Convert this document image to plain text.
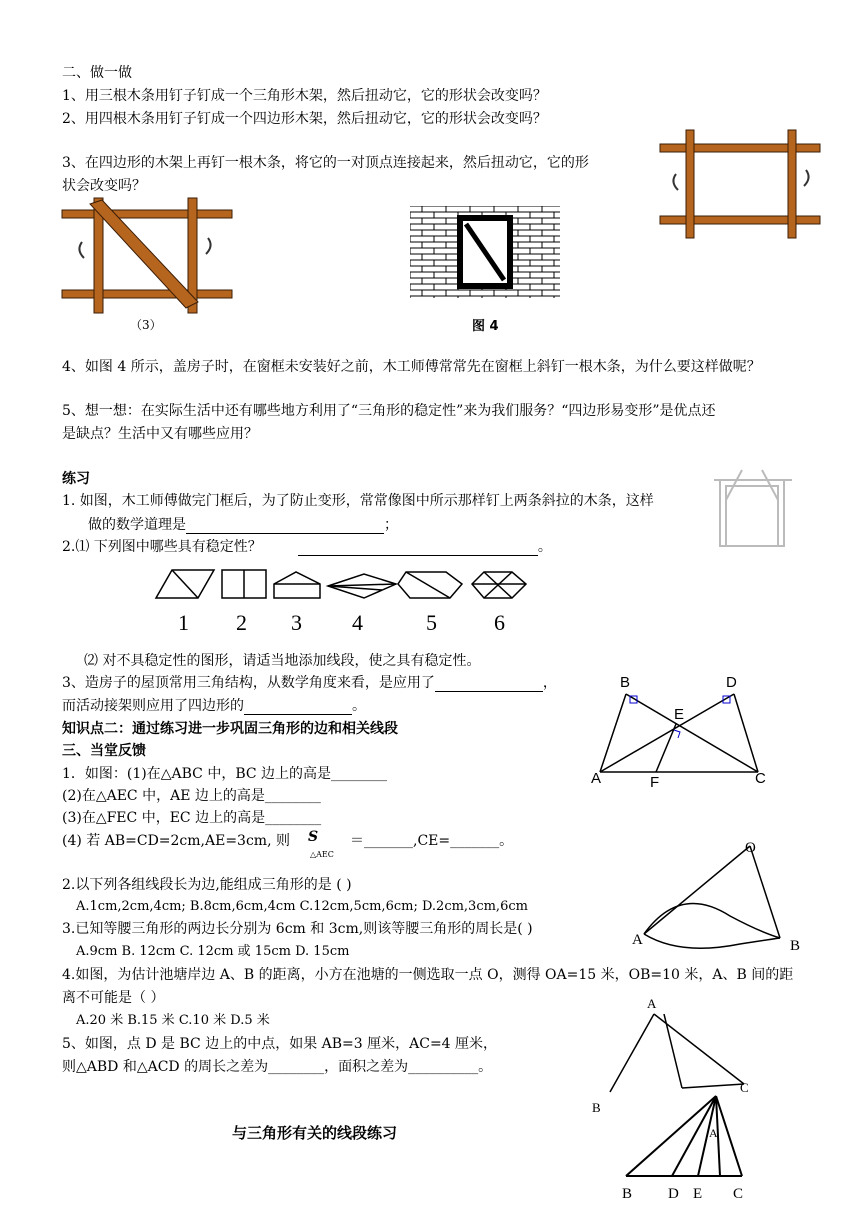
二、做一做
1、用三根木条用钉子钉成一个三角形木架，然后扭动它，它的形状会改变吗？
2、用四根木条用钉子钉成一个四边形木架，然后扭动它，它的形状会改变吗？
3、在四边形的木架上再钉一根木条，将它的一对顶点连接起来，然后扭动它，它的形
状会改变吗？
（3）	图 4
4、如图 4 所示，盖房子时，在窗框未安装好之前，木工师傅常常先在窗框上斜钉一根木条，为什么要这样做呢？
5、想一想：在实际生活中还有哪些地方利用了“三角形的稳定性”来为我们服务？“四边形易变形”是优点还
是缺点？生活中又有哪些应用？
练习
1. 如图，木工师傅做完门框后，为了防止变形，常常像图中所示那样钉上两条斜拉的木条，这样
做的数学道理是	；
2.⑴ 下列图中哪些具有稳定性？	。
1 2 3 4	5	6
⑵ 对不具稳定性的图形，请适当地添加线段，使之具有稳定性。
3、造房子的屋顶常用三角结构，从数学角度来看，是应用了	，
而活动接架则应用了四边形的	。
知识点二：通过练习进一步巩固三角形的边和相关线段
三、当堂反馈
B	D
E
A	F	C
1．如图：(1)在△ABC 中，BC 边上的高是________
(2)在△AEC 中，AE 边上的高是________
(3)在△FEC 中，EC 边上的高是________
(4) 若 AB=CD=2cm,AE=3cm, 则 S
△AEC
＝_______,CE=_______。	O
A	B
2.以下列各组线段长为边,能组成三角形的是 ( )
A.1cm,2cm,4cm; B.8cm,6cm,4cm C.12cm,5cm,6cm; D.2cm,3cm,6cm
3.已知等腰三角形的两边长分别为 6cm 和 3cm,则该等腰三角形的周长是( )
A.9cm B. 12cm C. 12cm 或 15cm D. 15cm
4.如图，为估计池塘岸边 A、B 的距离，小方在池塘的一侧选取一点 O，测得 OA=15 米，OB=10 米，A、B 间的距
离不可能是（ ）
A.20 米 B.15 米 C.10 米 D.5 米
5、如图，点 D 是 BC 边上的中点，如果 AB=3 厘米，AC=4 厘米，
则△ABD 和△ACD 的周长之差为________，面积之差为__________。
A
B
C
与三角形有关的线段练习	A
B D E C
